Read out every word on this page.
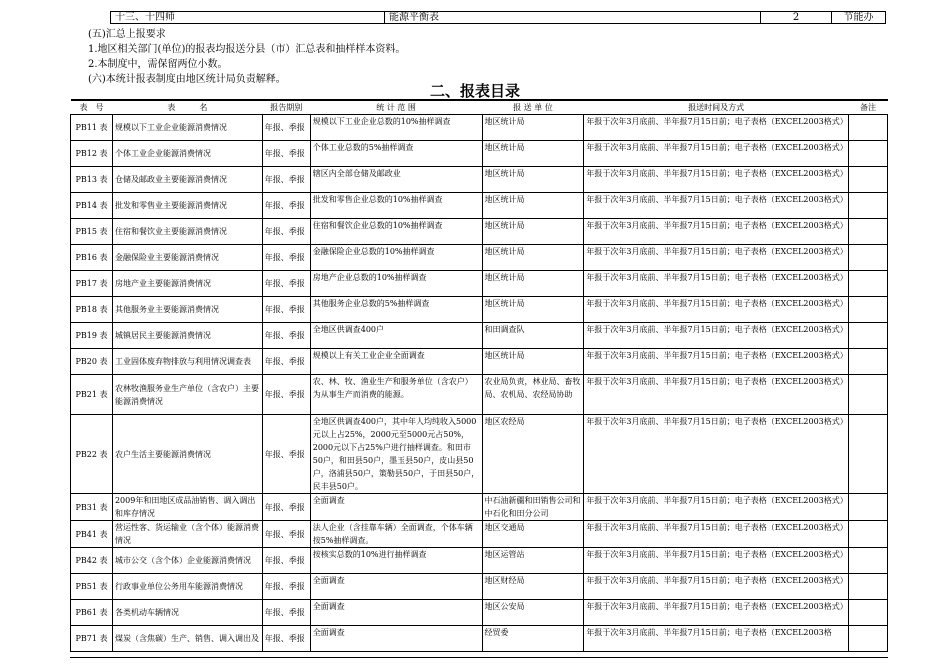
十三、十四师	能源平衡表	2	节能办
(五)汇总上报要求
1.地区相关部门(单位)的报表均报送分县（市）汇总表和抽样样本资料。
2.本制度中，需保留两位小数。
(六)本统计报表制度由地区统计局负责解释。
二、报表目录
表　号	表　　　名	报告期别	统 计 范 围	报 送 单 位	报送时间及方式	备注
PB11 表	规模以下工业企业能源消费情况	年报、季报	规模以下工业企业总数的10%抽样调查	地区统计局	年报于次年3月底前、半年报7月15日前；电子表格（EXCEL2003格式）	
PB12 表	个体工业企业能源消费情况	年报、季报	个体工业总数的5%抽样调查	地区统计局	年报于次年3月底前、半年报7月15日前；电子表格（EXCEL2003格式）	
PB13 表	仓储及邮政业主要能源消费情况	年报、季报	辖区内全部仓储及邮政业	地区统计局	年报于次年3月底前、半年报7月15日前；电子表格（EXCEL2003格式）	
PB14 表	批发和零售业主要能源消费情况	年报、季报	批发和零售企业总数的10%抽样调查	地区统计局	年报于次年3月底前、半年报7月15日前；电子表格（EXCEL2003格式）	
PB15 表	住宿和餐饮业主要能源消费情况	年报、季报	住宿和餐饮企业总数的10%抽样调查	地区统计局	年报于次年3月底前、半年报7月15日前；电子表格（EXCEL2003格式）	
PB16 表	金融保险业主要能源消费情况	年报、季报	金融保险企业总数的10%抽样调查	地区统计局	年报于次年3月底前、半年报7月15日前；电子表格（EXCEL2003格式）	
PB17 表	房地产业主要能源消费情况	年报、季报	房地产企业总数的10%抽样调查	地区统计局	年报于次年3月底前、半年报7月15日前；电子表格（EXCEL2003格式）	
PB18 表	其他服务业主要能源消费情况	年报、季报	其他服务企业总数的5%抽样调查	地区统计局	年报于次年3月底前、半年报7月15日前；电子表格（EXCEL2003格式）	
PB19 表	城镇居民主要能源消费情况	年报、季报	全地区供调查400户	和田调查队	年报于次年3月底前、半年报7月15日前；电子表格（EXCEL2003格式）	
PB20 表	工业固体废弃物排放与利用情况调查表	年报、季报	规模以上有关工业企业全面调查	地区统计局	年报于次年3月底前、半年报7月15日前；电子表格（EXCEL2003格式）	
PB21 表	农林牧渔服务业生产单位（含农户）主要能源消费情况	年报、季报	农、林、牧、渔业生产和服务单位（含农户）为从事生产而消费的能源。	农业局负责，林业局、畜牧局、农机局、农经局协助	年报于次年3月底前、半年报7月15日前；电子表格（EXCEL2003格式）	
PB22 表	农户生活主要能源消费情况	年报、季报	全地区供调查400户，其中年人均纯收入5000元以上占25%，2000元至5000元占50%，2000元以下占25%户进行抽样调查。和田市50户，和田县50户，墨玉县50户，皮山县50户，洛浦县50户，策勒县50户，于田县50户，民丰县50户。	地区农经局	年报于次年3月底前、半年报7月15日前；电子表格（EXCEL2003格式）	
PB31 表	2009年和田地区成品油销售、调入调出和库存情况	年报、季报	全面调查	中石油新疆和田销售公司和中石化和田分公司	年报于次年3月底前、半年报7月15日前；电子表格（EXCEL2003格式）	
PB41 表	营运性客、货运输业（含个体）能源消费情况	年报、季报	法人企业（含挂靠车辆）全面调查，个体车辆按5%抽样调查。	地区交通局	年报于次年3月底前、半年报7月15日前；电子表格（EXCEL2003格式）	
PB42 表	城市公交（含个体）企业能源消费情况	年报、季报	按核实总数的10%进行抽样调查	地区运管站	年报于次年3月底前、半年报7月15日前；电子表格（EXCEL2003格式）	
PB51 表	行政事业单位公务用车能源消费情况	年报、季报	全面调查	地区财经局	年报于次年3月底前、半年报7月15日前；电子表格（EXCEL2003格式）	
PB61 表	各类机动车辆情况	年报、季报	全面调查	地区公安局	年报于次年3月底前、半年报7月15日前；电子表格（EXCEL2003格式）	
PB71 表	煤炭（含焦碳）生产、销售、调入调出及	年报、季报	全面调查	经贸委	年报于次年3月底前、半年报7月15日前；电子表格（EXCEL2003格	
